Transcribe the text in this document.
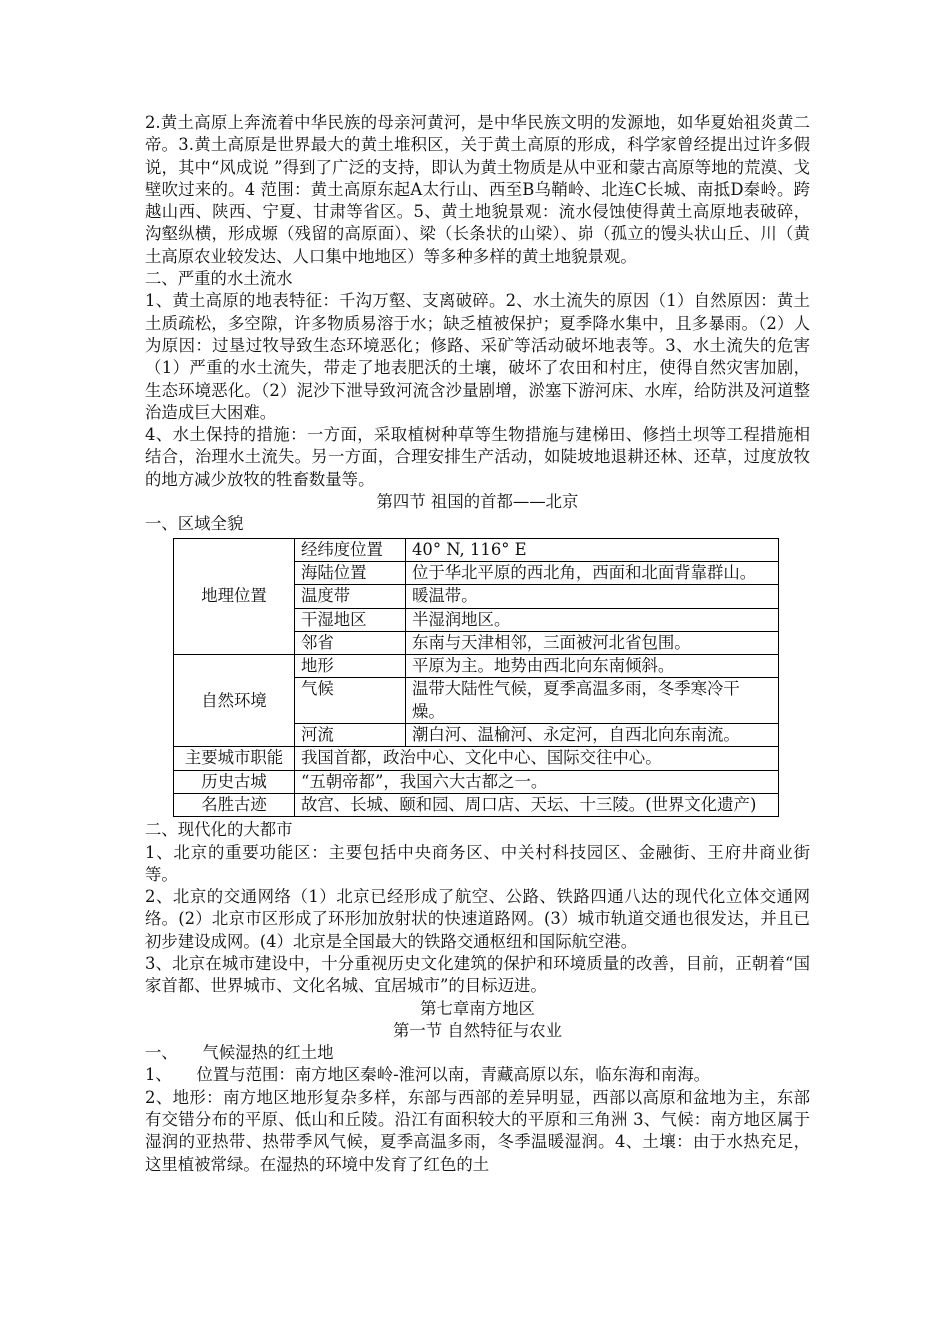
2.黄土高原上奔流着中华民族的母亲河黄河，是中华民族文明的发源地，如华夏始祖炎黄二帝。3.黄土高原是世界最大的黄土堆积区，关于黄土高原的形成，科学家曾经提出过许多假说，其中“风成说 ”得到了广泛的支持，即认为黄土物质是从中亚和蒙古高原等地的荒漠、戈壁吹过来的。4 范围：黄土高原东起A太行山、西至B乌鞘岭、北连C长城、南抵D秦岭。跨越山西、陕西、宁夏、甘肃等省区。5、黄土地貌景观：流水侵蚀使得黄土高原地表破碎，沟壑纵横，形成塬（残留的高原面）、梁（长条状的山梁）、峁（孤立的馒头状山丘、川（黄土高原农业较发达、人口集中地地区）等多种多样的黄土地貌景观。

二、严重的水土流水

1、黄土高原的地表特征：千沟万壑、支离破碎。2、水土流失的原因（1）自然原因：黄土土质疏松，多空隙，许多物质易溶于水；缺乏植被保护；夏季降水集中，且多暴雨。（2）人为原因：过垦过牧导致生态环境恶化；修路、采矿等活动破坏地表等。3、水土流失的危害（1）严重的水土流失，带走了地表肥沃的土壤，破坏了农田和村庄，使得自然灾害加剧，生态环境恶化。（2）泥沙下泄导致河流含沙量剧增，淤塞下游河床、水库，给防洪及河道整治造成巨大困难。

4、水土保持的措施：一方面，采取植树种草等生物措施与建梯田、修挡土坝等工程措施相结合，治理水土流失。另一方面，合理安排生产活动，如陡坡地退耕还林、还草，过度放牧的地方减少放牧的牲畜数量等。

第四节 祖国的首都——北京

一、区域全貌

地理位置	经纬度位置	40° N, 116° E
	海陆位置	位于华北平原的西北角，西面和北面背靠群山。
	温度带	暖温带。
	干湿地区	半湿润地区。
	邻省	东南与天津相邻，三面被河北省包围。
自然环境	地形	平原为主。地势由西北向东南倾斜。
	气候	温带大陆性气候，夏季高温多雨，冬季寒冷干燥。
	河流	潮白河、温榆河、永定河，自西北向东南流。
主要城市职能	我国首都，政治中心、文化中心、国际交往中心。	
历史古城	“五朝帝都”，我国六大古都之一。	
名胜古迹	故宫、长城、颐和园、周口店、天坛、十三陵。(世界文化遗产)	

二、现代化的大都市

1、北京的重要功能区：主要包括中央商务区、中关村科技园区、金融街、王府井商业街等。

2、北京的交通网络（1）北京已经形成了航空、公路、铁路四通八达的现代化立体交通网络。(2）北京市区形成了环形加放射状的快速道路网。(3）城市轨道交通也很发达，并且已初步建设成网。(4）北京是全国最大的铁路交通枢纽和国际航空港。

3、北京在城市建设中，十分重视历史文化建筑的保护和环境质量的改善，目前，正朝着“国家首都、世界城市、文化名城、宜居城市”的目标迈进。

第七章南方地区

第一节 自然特征与农业

一、　　气候湿热的红土地

1、　　位置与范围：南方地区秦岭-淮河以南，青藏高原以东，临东海和南海。

2、地形：南方地区地形复杂多样，东部与西部的差异明显，西部以高原和盆地为主，东部有交错分布的平原、低山和丘陵。沿江有面积较大的平原和三角洲 3、气候：南方地区属于湿润的亚热带、热带季风气候，夏季高温多雨，冬季温暖湿润。4、土壤：由于水热充足，这里植被常绿。在湿热的环境中发育了红色的土
